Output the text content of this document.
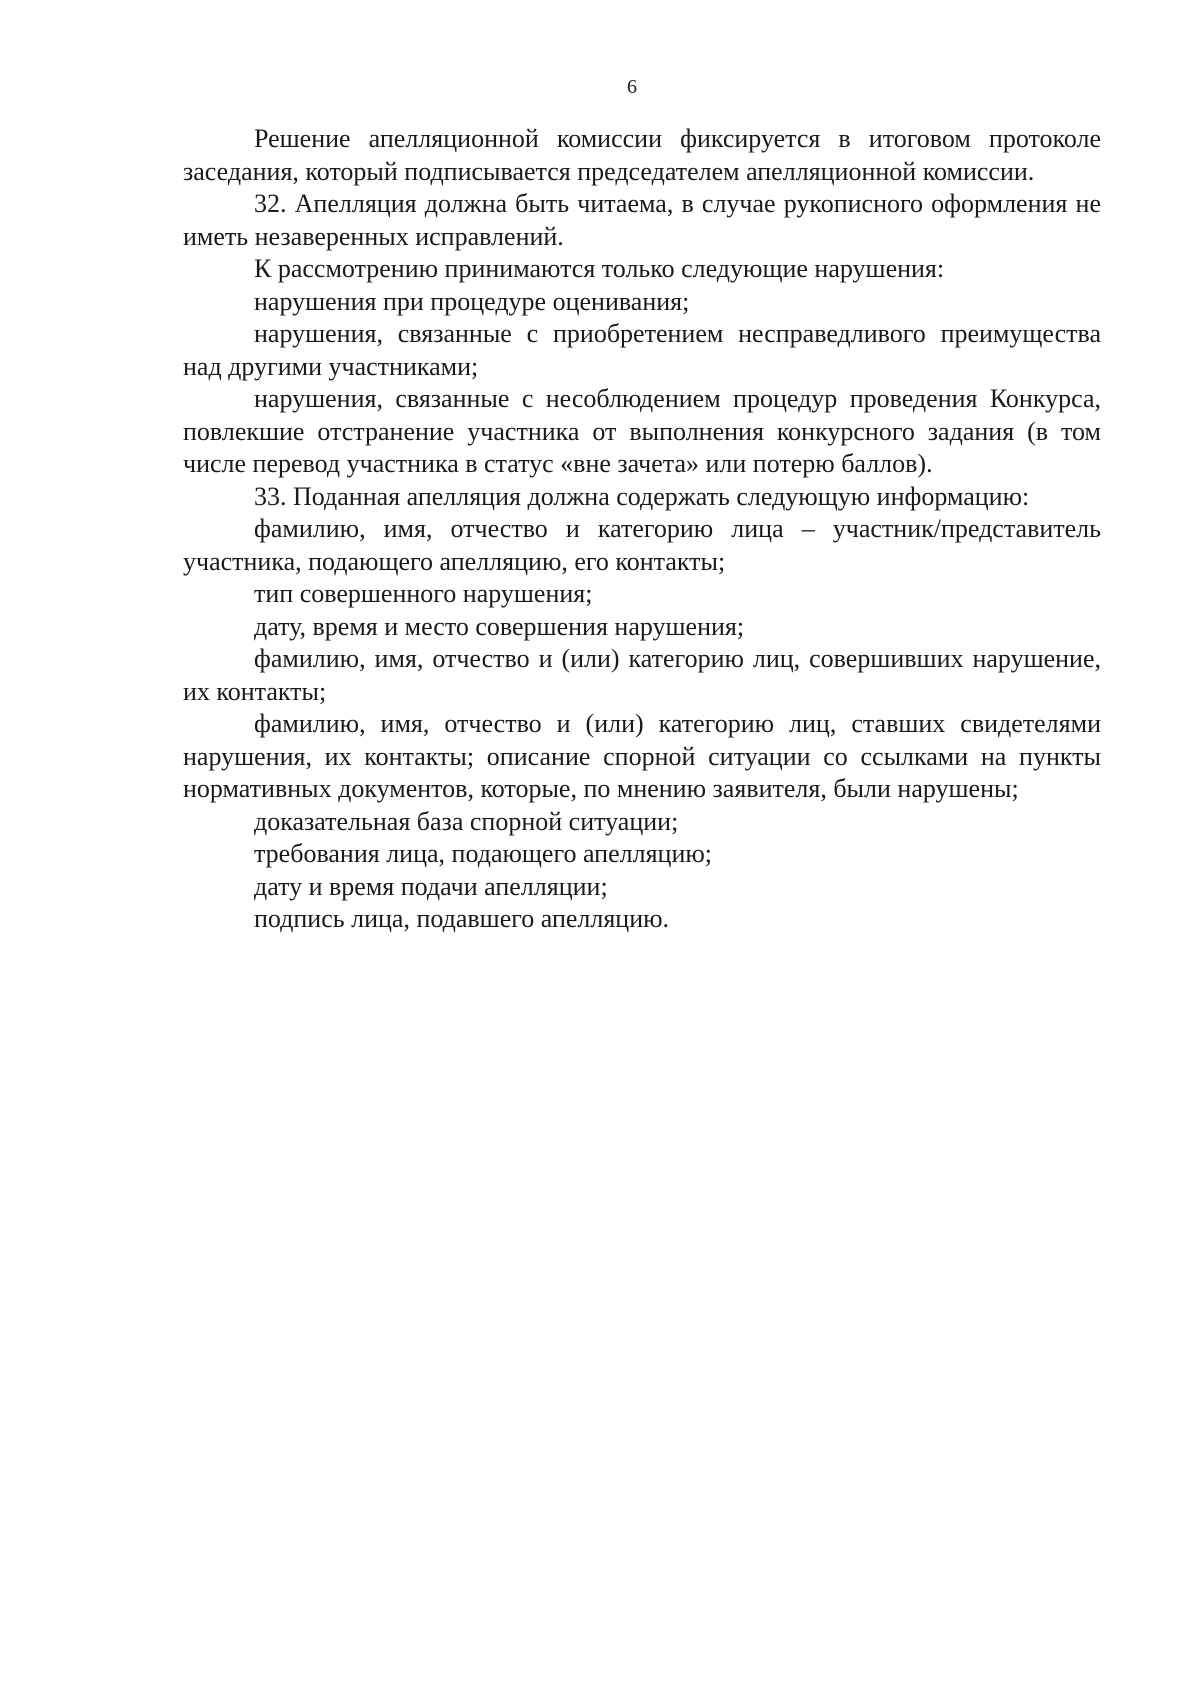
6

Решение апелляционной комиссии фиксируется в итоговом протоколе заседания, который подписывается председателем апелляционной комиссии.

32. Апелляция должна быть читаема, в случае рукописного оформления не иметь незаверенных исправлений.

К рассмотрению принимаются только следующие нарушения:

нарушения при процедуре оценивания;

нарушения, связанные с приобретением несправедливого преимущества над другими участниками;

нарушения, связанные с несоблюдением процедур проведения Конкурса, повлекшие отстранение участника от выполнения конкурсного задания (в том числе перевод участника в статус «вне зачета» или потерю баллов).

33. Поданная апелляция должна содержать следующую информацию:

фамилию, имя, отчество и категорию лица – участник/представитель участника, подающего апелляцию, его контакты;

тип совершенного нарушения;

дату, время и место совершения нарушения;

фамилию, имя, отчество и (или) категорию лиц, совершивших нарушение, их контакты;

фамилию, имя, отчество и (или) категорию лиц, ставших свидетелями нарушения, их контакты; описание спорной ситуации со ссылками на пункты нормативных документов, которые, по мнению заявителя, были нарушены;

доказательная база спорной ситуации;

требования лица, подающего апелляцию;

дату и время подачи апелляции;

подпись лица, подавшего апелляцию.
